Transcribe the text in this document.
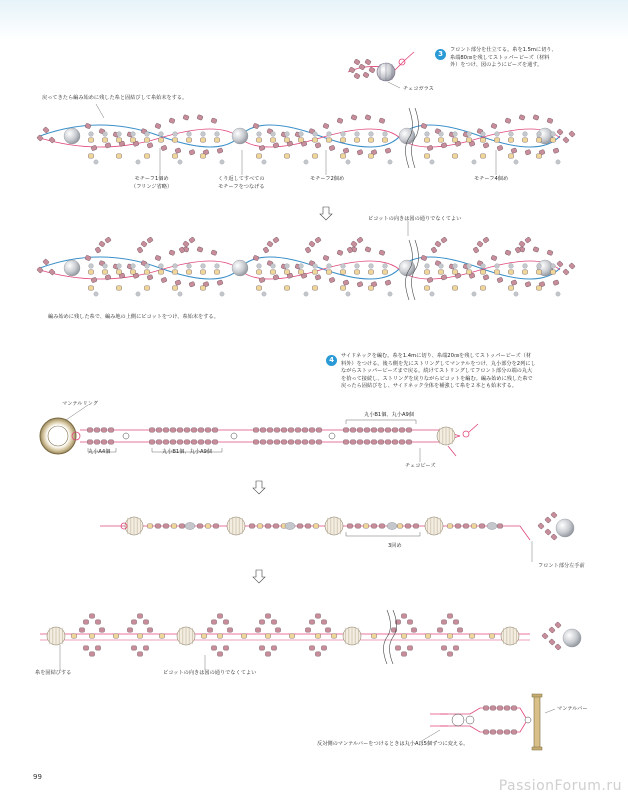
3	フロント部分を仕立てる。糸を1.5mに切り、
糸端80㎝を残してストッパービーズ（材料
外）をつけ、図のようにビーズを通す。
チェコガラス
戻ってきたら編み始めに残した糸と固結びして糸始末をする。
モチーフ1個め
（フリンジ省略）
くり返してすべての
モチーフをつなげる
モチーフ2個め	モチーフ4個め
ピコットの向きは図の通りでなくてよい
編み始めに残した糸で、編み地の上側にピコットをつけ、糸始末をする。
4	サイドネックを編む。糸を1.4mに切り、糸端20㎝を残してストッパービーズ（材
料外）をつける。後ろ側を先にストリングしてマンテルをつけ、丸小部分を2列にし
ながらストッパービーズまで戻る。続けてストリングしてフロント部分の端の丸大
を拾って接続し、ストリングを戻りながらピコットを編む。編み始めに残した糸で
戻ったら固結びをし、サイドネック全体を補強して糸を２本とも始末する。
マンテルリング
丸小A4個	丸小B1個、丸小A9個
丸小B1個、丸小A9個
チェコビーズ
3回め
フロント部分左手前
糸を固結びする	ピコットの向きは図の通りでなくてよい
マンテルバー
反対側のマンテルバーをつけるときは丸小Aは5個ずつに変える。
99
PassionForum.ru
